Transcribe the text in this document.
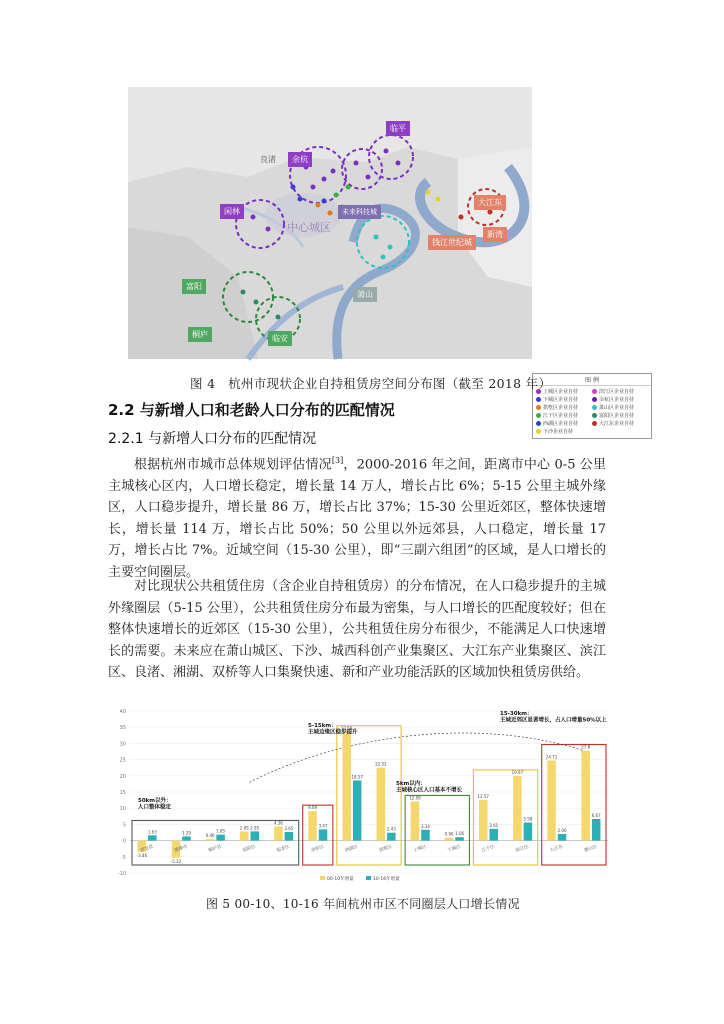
临平
余杭
闲林	未来科技城
钱江世纪城
大江东
新湾
萧山
富阳
桐庐	临安
中心城区
良渚
图 例
上城区企业自持	滨江区企业自持
下城区企业自持	余杭区企业自持
拱墅区企业自持	萧山区企业自持
江干区企业自持	富阳区企业自持
西湖区企业自持	大江东企业自持
下沙企业自持
图 4　杭州市现状企业自持租赁房空间分布图（截至 2018 年）
2.2 与新增人口和老龄人口分布的匹配情况
2.2.1 与新增人口分布的匹配情况

根据杭州市城市总体规划评估情况[3]，2000-2016 年之间，距离市中心 0-5 公里主城核心区内，人口增长稳定，增长量 14 万人，增长占比 6%；5-15 公里主城外缘区，人口稳步提升，增长量 86 万，增长占比 37%；15-30 公里近郊区，整体快速增长，增长量 114 万，增长占比 50%；50 公里以外远郊县，人口稳定，增长量 17 万，增长占比 7%。近域空间（15-30 公里），即“三副六组团”的区域，是人口增长的主要空间圈层。

对比现状公共租赁住房（含企业自持租赁房）的分布情况，在人口稳步提升的主城外缘圈层（5-15 公里），公共租赁住房分布最为密集，与人口增长的匹配度较好；但在整体快速增长的近郊区（15-30 公里），公共租赁住房分布很少，不能满足人口快速增长的需要。未来应在萧山城区、下沙、城西科创产业集聚区、大江东产业集聚区、滨江区、良渚、湘湖、双桥等人口集聚快速、新和产业功能活跃的区域加快租赁房供给。

-10
-5
0
5
10
15
20
25
30
35
40
-3.46
-5.32
0.46
2.85
4.36
9.09
33.59
22.52
12.09
0.96
12.57
19.97
24.71
27.8
1.63	1.29	1.85
2.85	2.65
3.47
18.57
2.43
3.34
1.06
3.61
5.58
2.06
6.67
淳安县	建德市	桐庐县	富阳区	临安区	余杭区	西湖区	拱墅区	上城区	下城区	江干区	滨江区	大江东	萧山区
50km以外：人口整体稳定
5-15km：主城边缘区稳步提升
5km以内：主城核心区人口基本不增长
15-30km：主城近郊区显著增长，占人口增量50%以上
00-10年增量	10-16年增量
图 5 00-10、10-16 年间杭州市区不同圈层人口增长情况
